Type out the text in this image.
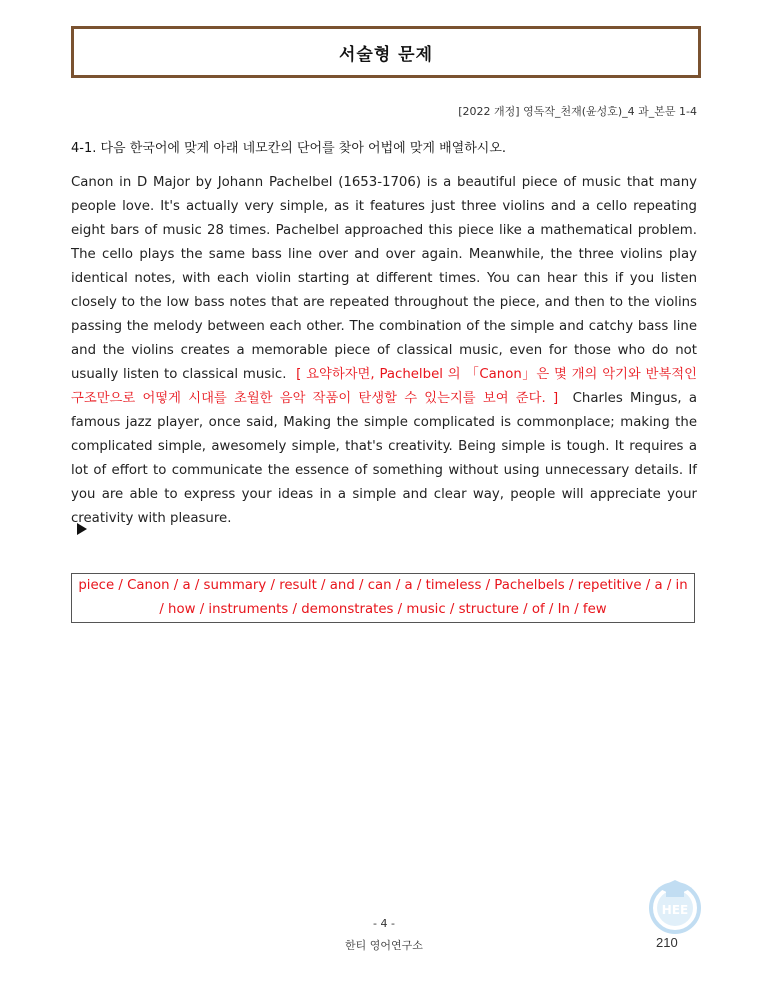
서술형 문제
[2022 개정] 영독작_천재(윤성호)_4 과_본문 1-4
4-1. 다음 한국어에 맞게 아래 네모칸의 단어를 찾아 어법에 맞게 배열하시오.
Canon in D Major by Johann Pachelbel (1653-1706) is a beautiful piece of music that many people love. It's actually very simple, as it features just three violins and a cello repeating eight bars of music 28 times. Pachelbel approached this piece like a mathematical problem. The cello plays the same bass line over and over again. Meanwhile, the three violins play identical notes, with each violin starting at different times. You can hear this if you listen closely to the low bass notes that are repeated throughout the piece, and then to the violins passing the melody between each other. The combination of the simple and catchy bass line and the violins creates a memorable piece of classical music, even for those who do not usually listen to classical music. [ 요약하자면, Pachelbel 의 「Canon」은 몇 개의 악기와 반복적인 구조만으로 어떻게 시대를 초월한 음악 작품이 탄생할 수 있는지를 보여 준다. ] Charles Mingus, a famous jazz player, once said, Making the simple complicated is commonplace; making the complicated simple, awesomely simple, that's creativity. Being simple is tough. It requires a lot of effort to communicate the essence of something without using unnecessary details. If you are able to express your ideas in a simple and clear way, people will appreciate your creativity with pleasure.
piece / Canon / a / summary / result / and / can / a / timeless / Pachelbels / repetitive / a / in / how / instruments / demonstrates / music / structure / of / In / few
- 4 -
한티 영어연구소	210
HEE
